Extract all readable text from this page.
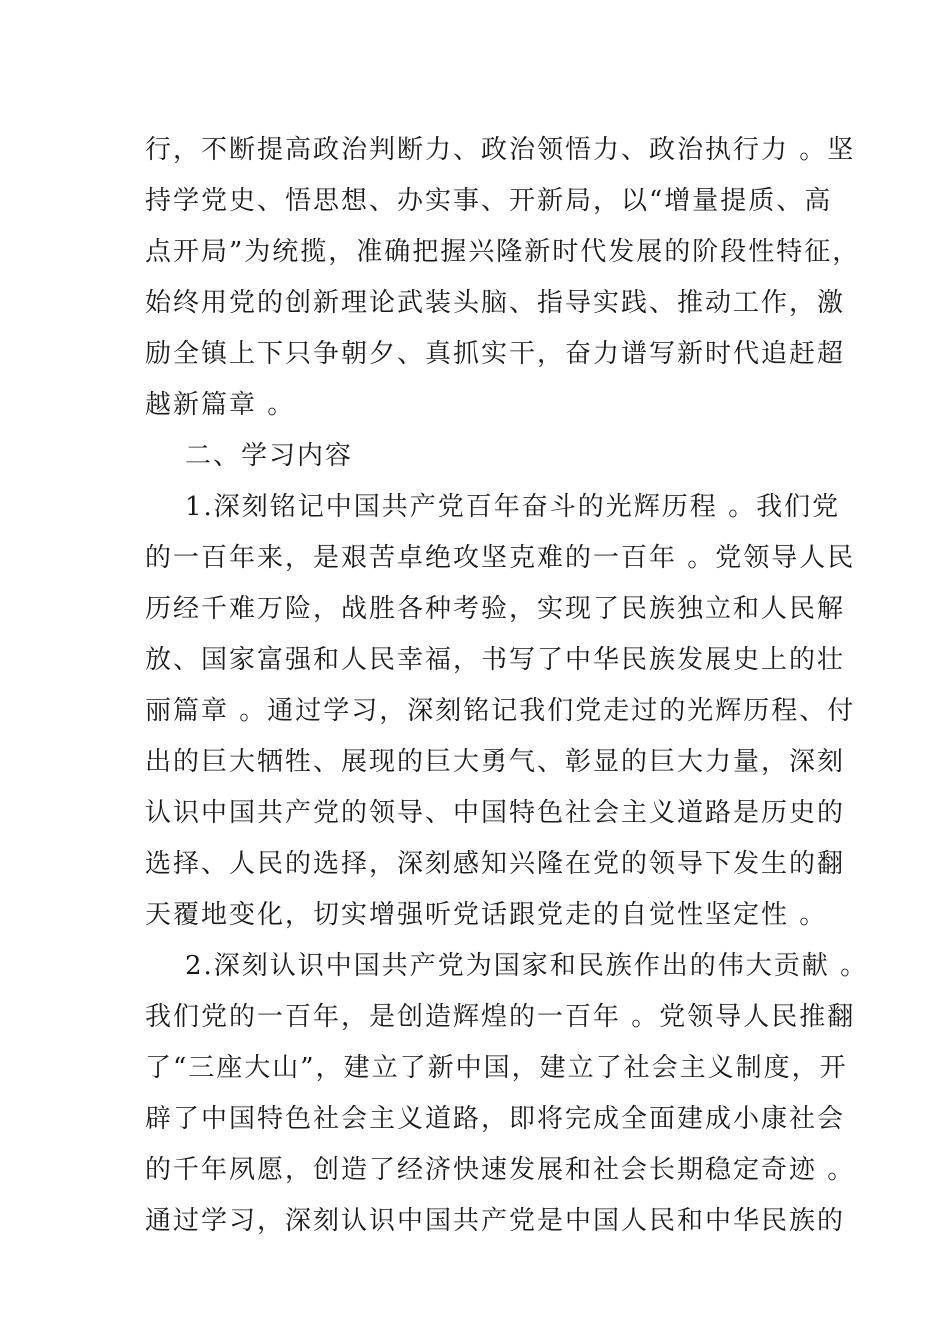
行，不断提高政治判断力、政治领悟力、政治执行力 。坚
持学党史、悟思想、办实事、开新局，以“增量提质、高
点开局”为统揽，准确把握兴隆新时代发展的阶段性特征，
始终用党的创新理论武装头脑、指导实践、推动工作，激
励全镇上下只争朝夕、真抓实干，奋力谱写新时代追赶超
越新篇章 。
二、学习内容
1.深刻铭记中国共产党百年奋斗的光辉历程 。我们党
的一百年来，是艰苦卓绝攻坚克难的一百年 。党领导人民
历经千难万险，战胜各种考验，实现了民族独立和人民解
放、国家富强和人民幸福，书写了中华民族发展史上的壮
丽篇章 。通过学习，深刻铭记我们党走过的光辉历程、付
出的巨大牺牲、展现的巨大勇气、彰显的巨大力量，深刻
认识中国共产党的领导、中国特色社会主义道路是历史的
选择、人民的选择，深刻感知兴隆在党的领导下发生的翻
天覆地变化，切实增强听党话跟党走的自觉性坚定性 。
2.深刻认识中国共产党为国家和民族作出的伟大贡献 。
我们党的一百年，是创造辉煌的一百年 。党领导人民推翻
了“三座大山”，建立了新中国，建立了社会主义制度，开
辟了中国特色社会主义道路，即将完成全面建成小康社会
的千年夙愿，创造了经济快速发展和社会长期稳定奇迹 。
通过学习，深刻认识中国共产党是中国人民和中华民族的
